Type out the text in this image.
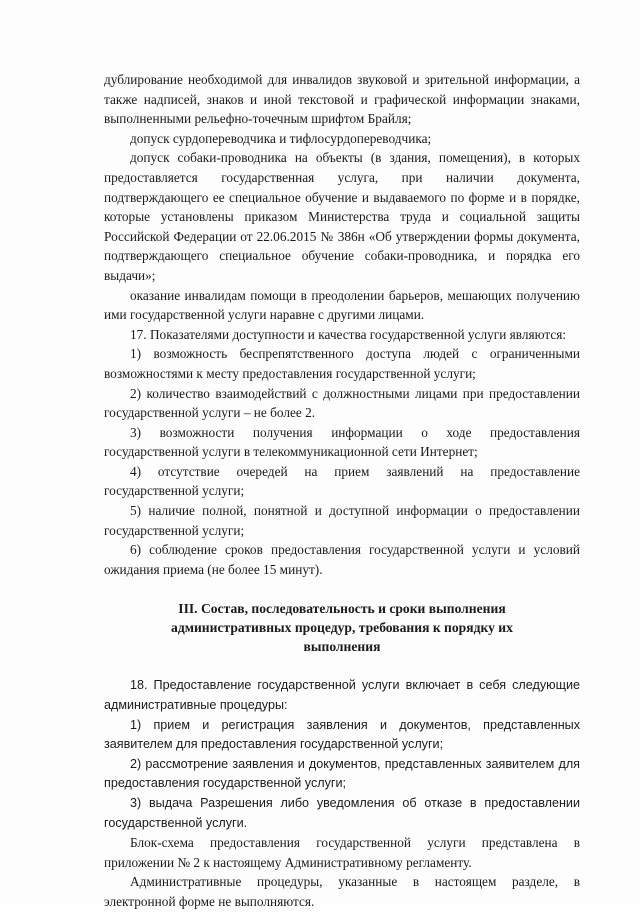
дублирование необходимой для инвалидов звуковой и зрительной информации, а также надписей, знаков и иной текстовой и графической информации знаками, выполненными рельефно-точечным шрифтом Брайля;

допуск сурдопереводчика и тифлосурдопереводчика;

допуск собаки-проводника на объекты (в здания, помещения), в которых предоставляется государственная услуга, при наличии документа, подтверждающего ее специальное обучение и выдаваемого по форме и в порядке, которые установлены приказом Министерства труда и социальной защиты Российской Федерации от 22.06.2015 № 386н «Об утверждении формы документа, подтверждающего специальное обучение собаки-проводника, и порядка его выдачи»;

оказание инвалидам помощи в преодолении барьеров, мешающих получению ими государственной услуги наравне с другими лицами.

17. Показателями доступности и качества государственной услуги являются:

1) возможность беспрепятственного доступа людей с ограниченными возможностями к месту предоставления государственной услуги;

2) количество взаимодействий с должностными лицами при предоставлении государственной услуги – не более 2.

3) возможности получения информации о ходе предоставления государственной услуги в телекоммуникационной сети Интернет;

4) отсутствие очередей на прием заявлений на предоставление государственной услуги;

5) наличие полной, понятной и доступной информации о предоставлении государственной услуги;

6) соблюдение сроков предоставления государственной услуги и условий ожидания приема (не более 15 минут).

III. Состав, последовательность и сроки выполнения административных процедур, требования к порядку их выполнения

18. Предоставление государственной услуги включает в себя следующие административные процедуры:

1) прием и регистрация заявления и документов, представленных заявителем для предоставления государственной услуги;

2) рассмотрение заявления и документов, представленных заявителем для предоставления государственной услуги;

3) выдача Разрешения либо уведомления об отказе в предоставлении государственной услуги.

Блок-схема предоставления государственной услуги представлена в приложении № 2 к настоящему Административному регламенту.

Административные процедуры, указанные в настоящем разделе, в электронной форме не выполняются.
